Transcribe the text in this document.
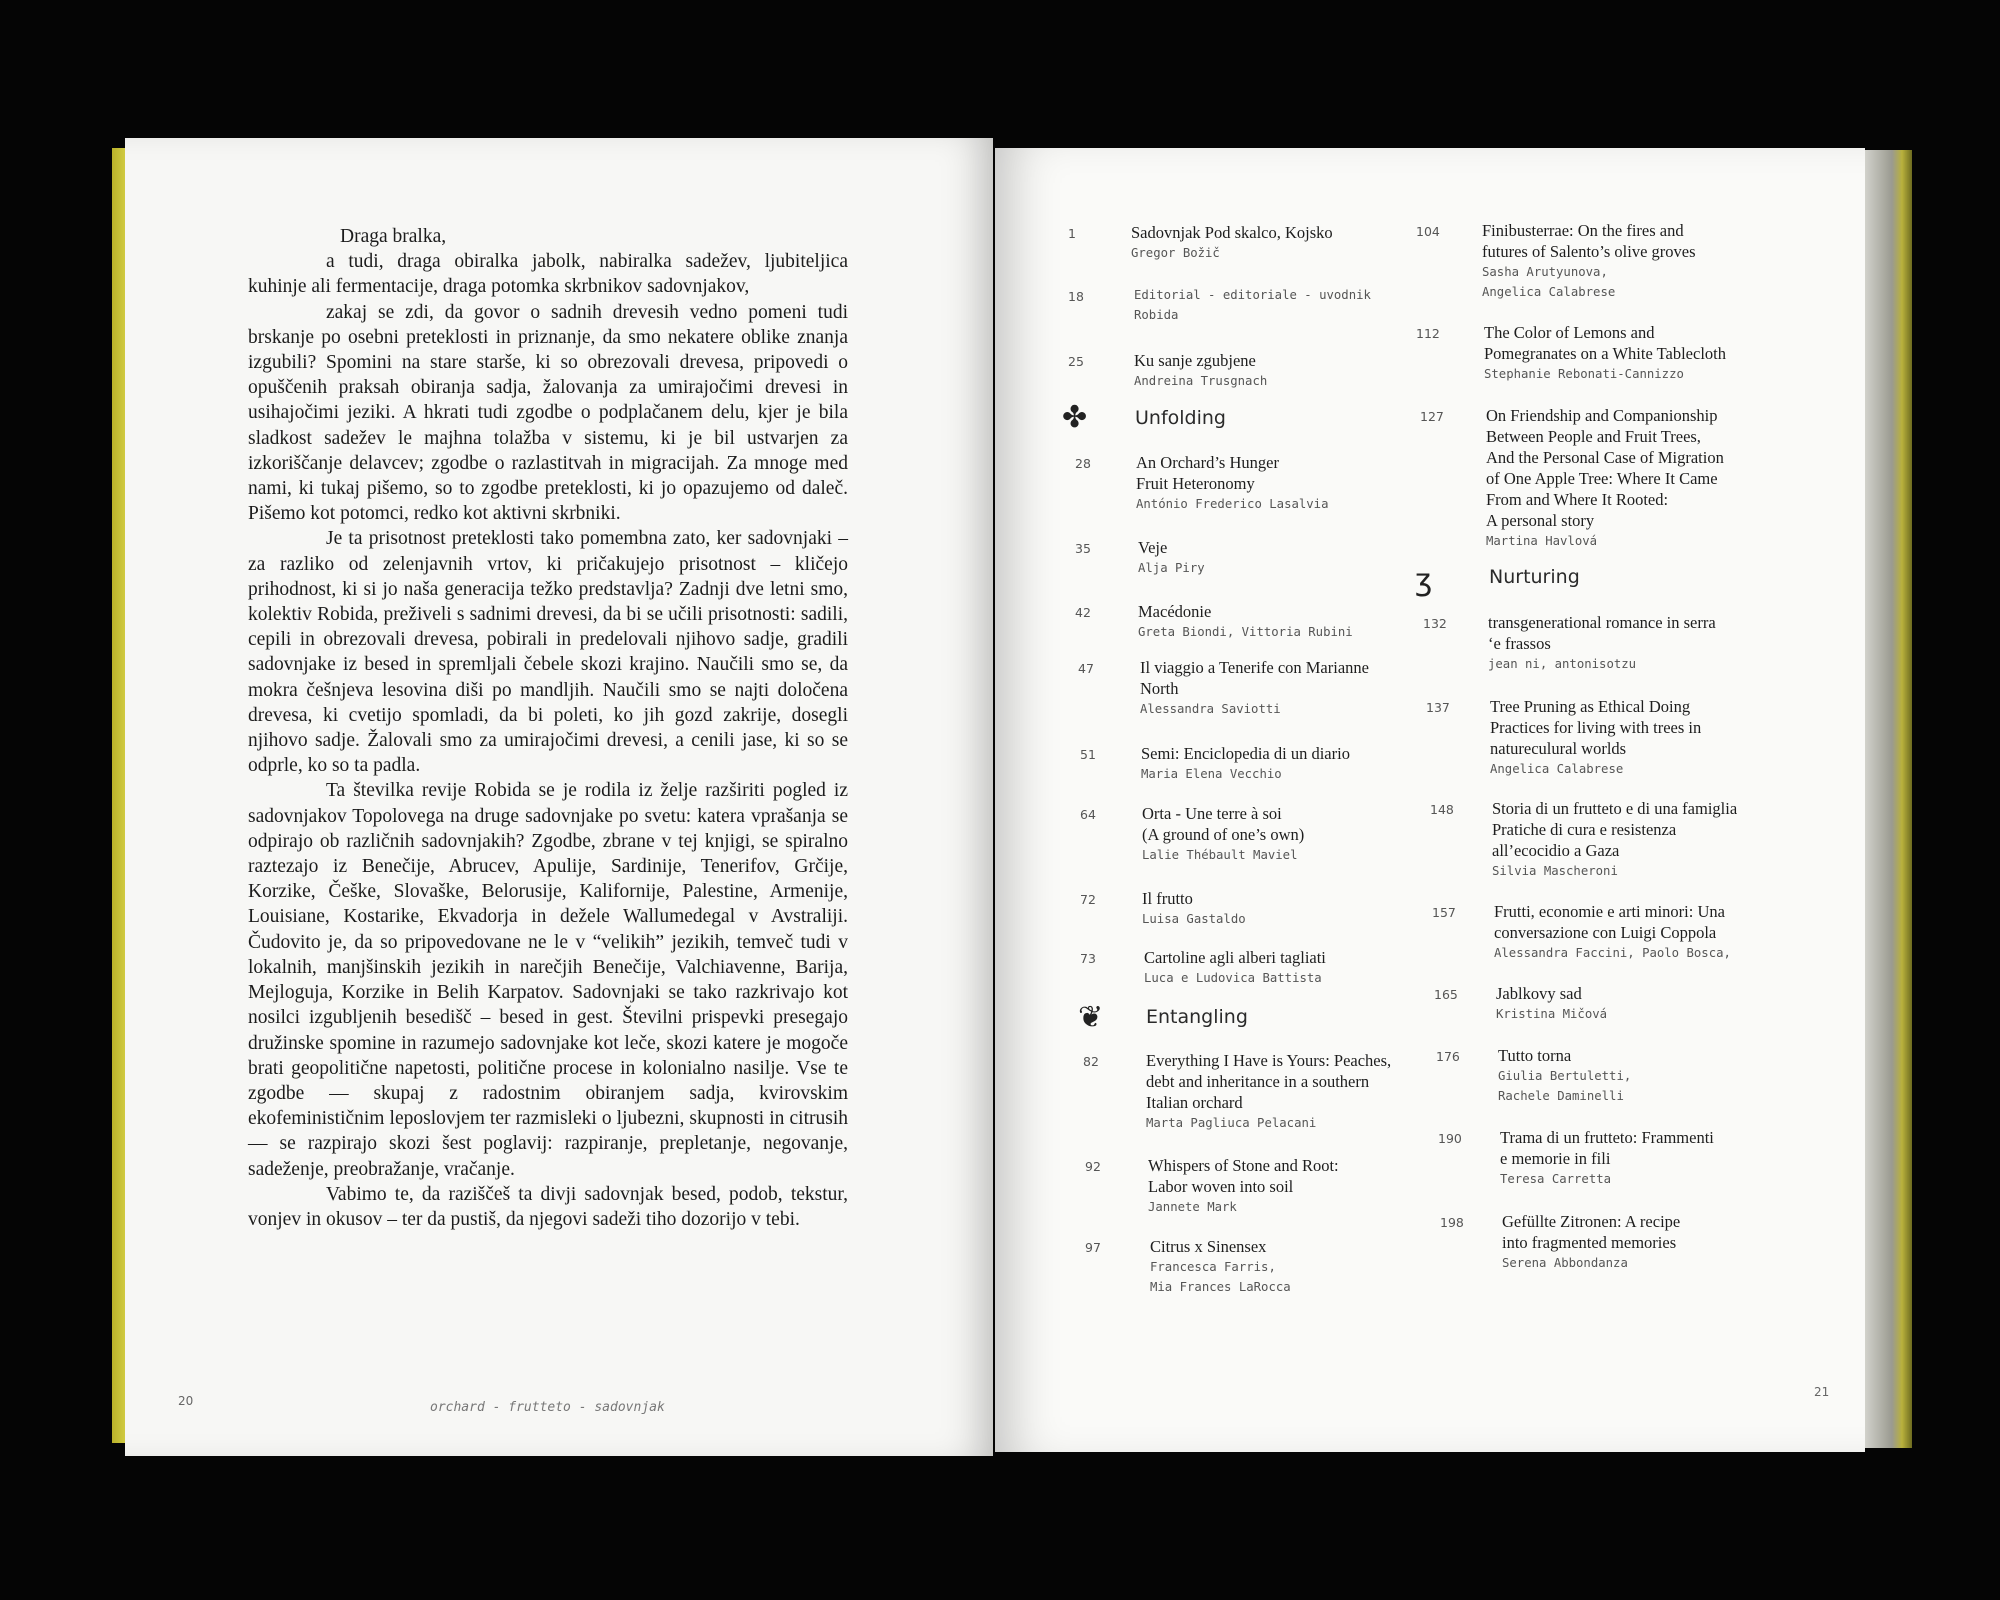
Draga bralka,

a tudi, draga obiralka jabolk, nabiralka sadežev, ljubiteljica kuhinje ali fermentacije, draga potomka skrbnikov sadovnjakov,

zakaj se zdi, da govor o sadnih drevesih vedno pomeni tudi brskanje po osebni preteklosti in priznanje, da smo nekatere oblike znanja izgubili? Spomini na stare starše, ki so obrezovali drevesa, pripovedi o opuščenih praksah obiranja sadja, žalovanja za umirajočimi drevesi in usihajočimi jeziki. A hkrati tudi zgodbe o podplačanem delu, kjer je bila sladkost sadežev le majhna tolažba v sistemu, ki je bil ustvarjen za izkoriščanje delavcev; zgodbe o razlastitvah in migracijah. Za mnoge med nami, ki tukaj pišemo, so to zgodbe preteklosti, ki jo opazujemo od daleč. Pišemo kot potomci, redko kot aktivni skrbniki.

Je ta prisotnost preteklosti tako pomembna zato, ker sadovnjaki – za razliko od zelenjavnih vrtov, ki pričakujejo prisotnost – kličejo prihodnost, ki si jo naša generacija težko predstavlja? Zadnji dve letni smo, kolektiv Robida, preživeli s sadnimi drevesi, da bi se učili prisotnosti: sadili, cepili in obrezovali drevesa, pobirali in predelovali njihovo sadje, gradili sadovnjake iz besed in spremljali čebele skozi krajino. Naučili smo se, da mokra češnjeva lesovina diši po mandljih. Naučili smo se najti določena drevesa, ki cvetijo spomladi, da bi poleti, ko jih gozd zakrije, dosegli njihovo sadje. Žalovali smo za umirajočimi drevesi, a cenili jase, ki so se odprle, ko so ta padla.

Ta številka revije Robida se je rodila iz želje razširiti pogled iz sadovnjakov Topolovega na druge sadovnjake po svetu: katera vprašanja se odpirajo ob različnih sadovnjakih? Zgodbe, zbrane v tej knjigi, se spiralno raztezajo iz Benečije, Abrucev, Apulije, Sardinije, Tenerifov, Grčije, Korzike, Češke, Slovaške, Belorusije, Kalifornije, Palestine, Armenije, Louisiane, Kostarike, Ekvadorja in dežele Wallumedegal v Avstraliji. Čudovito je, da so pripovedovane ne le v “velikih” jezikih, temveč tudi v lokalnih, manjšinskih jezikih in narečjih Benečije, Valchiavenne, Barija, Mejloguja, Korzike in Belih Karpatov. Sadovnjaki se tako razkrivajo kot nosilci izgubljenih besedišč – besed in gest. Številni prispevki presegajo družinske spomine in razumejo sadovnjake kot leče, skozi katere je mogoče brati geopolitične napetosti, politične procese in kolonialno nasilje. Vse te zgodbe — skupaj z radostnim obiranjem sadja, kvirovskim ekofeminističnim leposlovjem ter razmisleki o ljubezni, skupnosti in citrusih — se razpirajo skozi šest poglavij: razpiranje, prepletanje, negovanje, sadeženje, preobražanje, vračanje.

Vabimo te, da raziščeš ta divji sadovnjak besed, podob, tekstur, vonjev in okusov – ter da pustiš, da njegovi sadeži tiho dozorijo v tebi.

20	orchard - frutteto - sadovnjak
21
✤	Unfolding
❦ Entangling
ʒ	Nurturing
1	Sadovnjak Pod skalco, Kojsko
Gregor Božič
18	Editorial - editoriale - uvodnik
Robida
25	Ku sanje zgubjene
Andreina Trusgnach
28	An Orchard’s Hunger
Fruit Heteronomy
António Frederico Lasalvia
35	Veje
Alja Piry
42	Macédonie
Greta Biondi, Vittoria Rubini
47	Il viaggio a Tenerife con Marianne
North
Alessandra Saviotti
51	Semi: Enciclopedia di un diario
Maria Elena Vecchio
64	Orta - Une terre à soi
(A ground of one’s own)
Lalie Thébault Maviel
72	Il frutto
Luisa Gastaldo
73	Cartoline agli alberi tagliati
Luca e Ludovica Battista
82	Everything I Have is Yours: Peaches,
debt and inheritance in a southern
Italian orchard
Marta Pagliuca Pelacani
92	Whispers of Stone and Root:
Labor woven into soil
Jannete Mark
97	Citrus x Sinensex
Francesca Farris,
Mia Frances LaRocca
104	Finibusterrae: On the fires and
futures of Salento’s olive groves
Sasha Arutyunova,
Angelica Calabrese
112	The Color of Lemons and
Pomegranates on a White Tablecloth
Stephanie Rebonati-Cannizzo
127	On Friendship and Companionship
Between People and Fruit Trees,
And the Personal Case of Migration
of One Apple Tree: Where It Came
From and Where It Rooted:
A personal story
Martina Havlová
132 transgenerational romance in serra
‘e frassos
jean ni, antonisotzu
137 Tree Pruning as Ethical Doing
Practices for living with trees in
natureculural worlds
Angelica Calabrese
148 Storia di un frutteto e di una famiglia
Pratiche di cura e resistenza
all’ecocidio a Gaza
Silvia Mascheroni
157 Frutti, economie e arti minori: Una
conversazione con Luigi Coppola
Alessandra Faccini, Paolo Bosca,
165 Jablkovy sad
Kristina Mičová
176 Tutto torna
Giulia Bertuletti,
Rachele Daminelli
190 Trama di un frutteto: Frammenti
e memorie in fili
Teresa Carretta
198 Gefüllte Zitronen: A recipe
into fragmented memories
Serena Abbondanza
